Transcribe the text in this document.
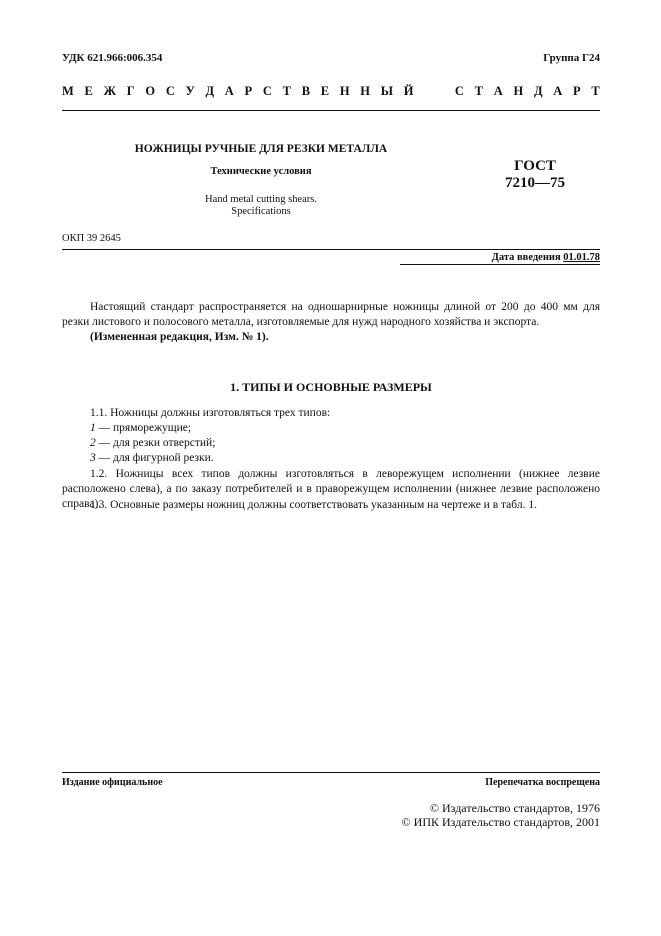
УДК 621.966:006.354	Группа Г24
М Е Ж Г О С У Д А Р С Т В Е Н Н Ы Й	С Т А Н Д А Р Т
НОЖНИЦЫ РУЧНЫЕ ДЛЯ РЕЗКИ МЕТАЛЛА
Технические условия
Hand metal cutting shears.
Specifications
ГОСТ
7210—75
ОКП 39 2645
Дата введения 01.01.78
Настоящий стандарт распространяется на одношарнирные ножницы длиной от 200 до 400 мм для резки листового и полосового металла, изготовляемые для нужд народного хозяйства и экспорта.
(Измененная редакция, Изм. № 1).
1. ТИПЫ И ОСНОВНЫЕ РАЗМЕРЫ
1.1. Ножницы должны изготовляться трех типов:
1 — пряморежущие;
2 — для резки отверстий;
3 — для фигурной резки.
1.2. Ножницы всех типов должны изготовляться в леворежущем исполнении (нижнее лезвие расположено слева), а по заказу потребителей и в праворежущем исполнении (нижнее лезвие расположено справа).
1.3. Основные размеры ножниц должны соответствовать указанным на чертеже и в табл. 1.
Издание официальное	Перепечатка воспрещена
© Издательство стандартов, 1976
© ИПК Издательство стандартов, 2001
